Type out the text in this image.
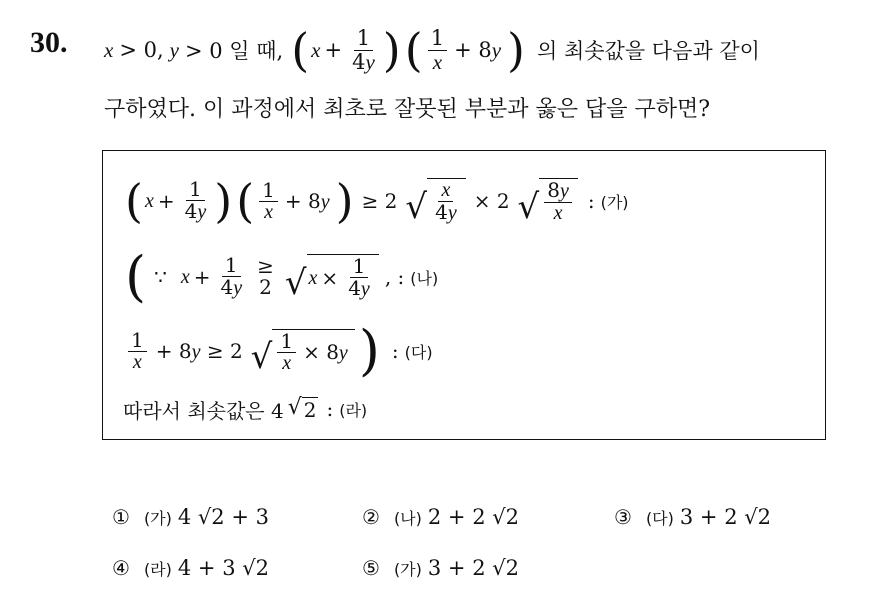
30. x > 0, y > 0 일 때, ( $x + \frac{1}{4y}$ ) ( $\frac{1}{x} + 8y$ ) 의 최솟값을 다음과 같이
구하였다. 이 과정에서 최초로 잘못된 부분과 옳은 답을 구하면?
( $x + \frac{1}{4y}$ ) ( $\frac{1}{x} + 8y$ ) ≥ 2 √ $\frac{x}{4y} \times 2$ √ $\frac{8y}{x}$ : (가)
( ∵ $x + \frac{1}{4y}$ ≥
2 √ $x \times \frac{1}{4y}$ , : (나)
$\frac{1}{x} + 8y \ge 2$ √ $\frac{1}{x} \times 8y$ ) : (다)
따라서 최솟값은 4 √ 2 : (라)
① (가) 4 √2 + 3	② (나) 2 + 2 √2	③ (다) 3 + 2 √2
④ (라) 4 + 3 √2	⑤ (가) 3 + 2 √2
